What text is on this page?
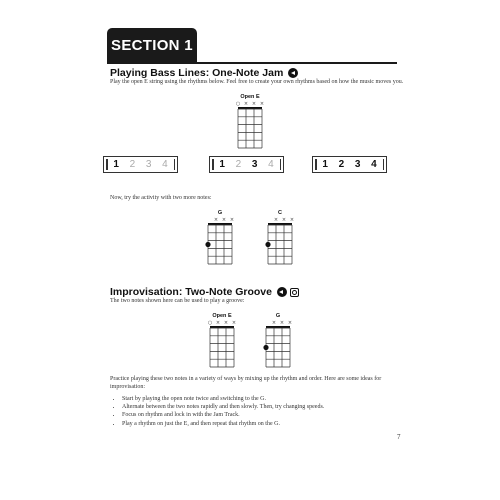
SECTION 1
Playing Bass Lines: One-Note Jam
Play the open E string using the rhythms below. Feel free to create your own rhythms based on how the music moves you.
Open E
○ × × ×
1 2 3 4	1 2 3 4	1 2 3 4
Now, try the activity with two more notes:
G
× × ×
C
× × ×
Improvisation: Two-Note Groove
The two notes shown here can be used to play a groove:
Open E
○ × × ×
G
× × ×
Practice playing these two notes in a variety of ways by mixing up the rhythm and order. Here are some ideas for improvisation:
• Start by playing the open note twice and switching to the G.
• Alternate between the two notes rapidly and then slowly. Then, try changing speeds.
• Focus on rhythm and lock in with the Jam Track.
• Play a rhythm on just the E, and then repeat that rhythm on the G.
7
